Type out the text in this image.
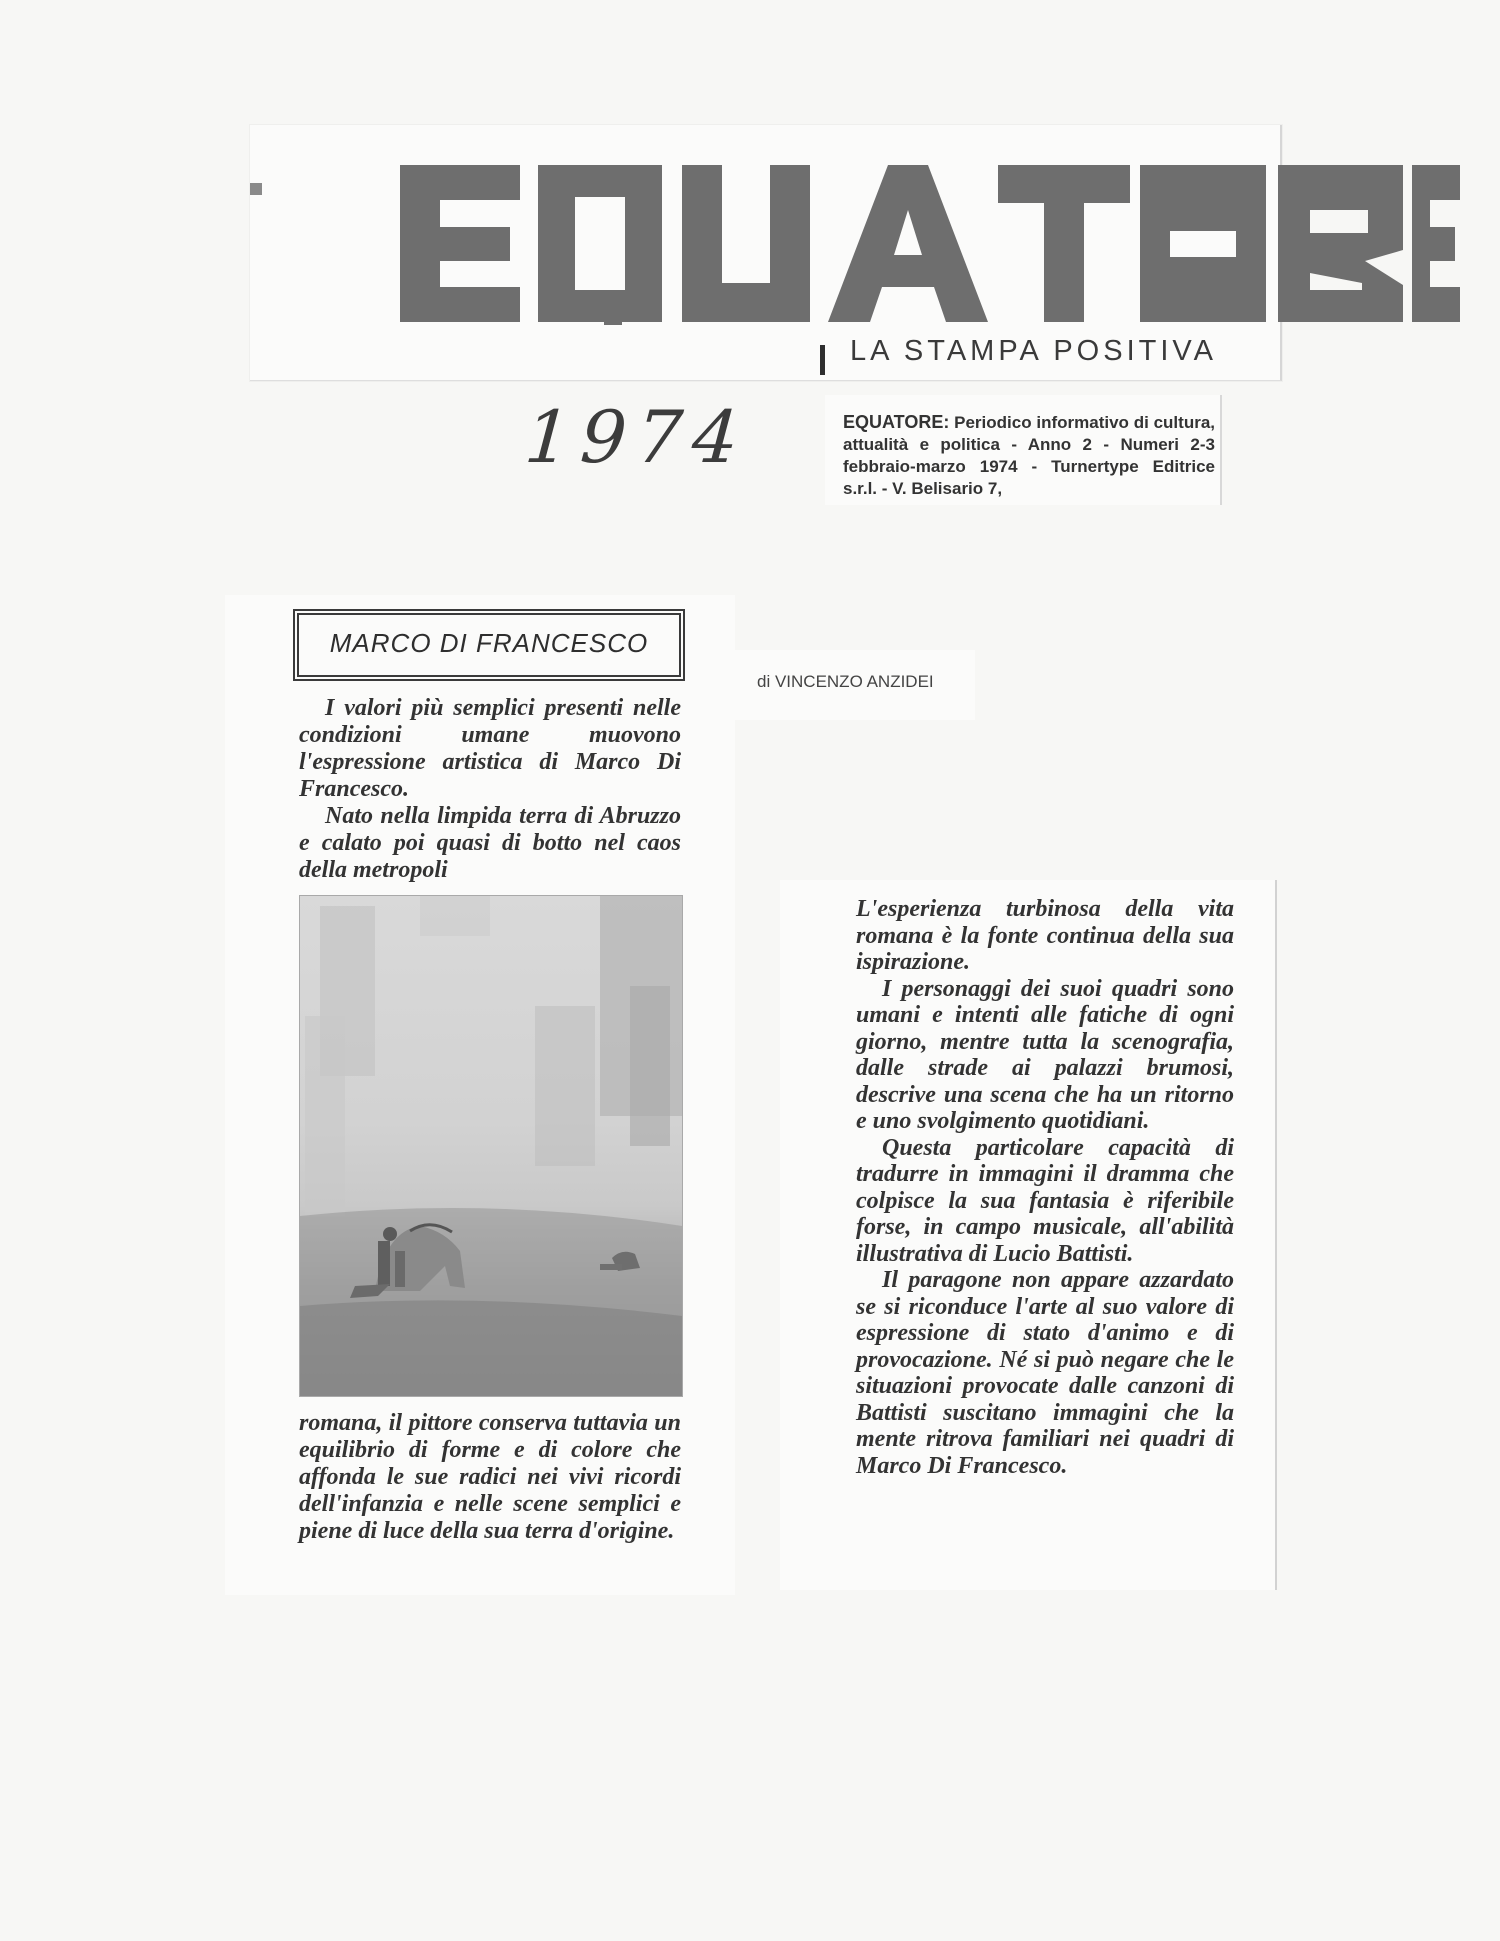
LA STAMPA POSITIVA
1974	EQUATORE: Periodico informativo di cultura, attualità e politica - Anno 2 - Numeri 2-3 febbraio-marzo 1974 - Turnertype Editrice s.r.l. - V. Belisario 7,
MARCO DI FRANCESCO

I valori più semplici presenti nelle condizioni umane muovono l'espressione artistica di Marco Di Francesco.

Nato nella limpida terra di Abruzzo e calato poi quasi di botto nel caos della metropoli

romana, il pittore conserva tuttavia un equilibrio di forme e di colore che affonda le sue radici nei vivi ricordi dell'infanzia e nelle scene semplici e piene di luce della sua terra d'origine.
di VINCENZO ANZIDEI

L'esperienza turbinosa della vita romana è la fonte continua della sua ispirazione.

I personaggi dei suoi quadri sono umani e intenti alle fatiche di ogni giorno, mentre tutta la scenografia, dalle strade ai palazzi brumosi, descrive una scena che ha un ritorno e uno svolgimento quotidiani.

Questa particolare capacità di tradurre in immagini il dramma che colpisce la sua fantasia è riferibile forse, in campo musicale, all'abilità illustrativa di Lucio Battisti.

Il paragone non appare azzardato se si riconduce l'arte al suo valore di espressione di stato d'animo e di provocazione. Né si può negare che le situazioni provocate dalle canzoni di Battisti suscitano immagini che la mente ritrova familiari nei quadri di Marco Di Francesco.
